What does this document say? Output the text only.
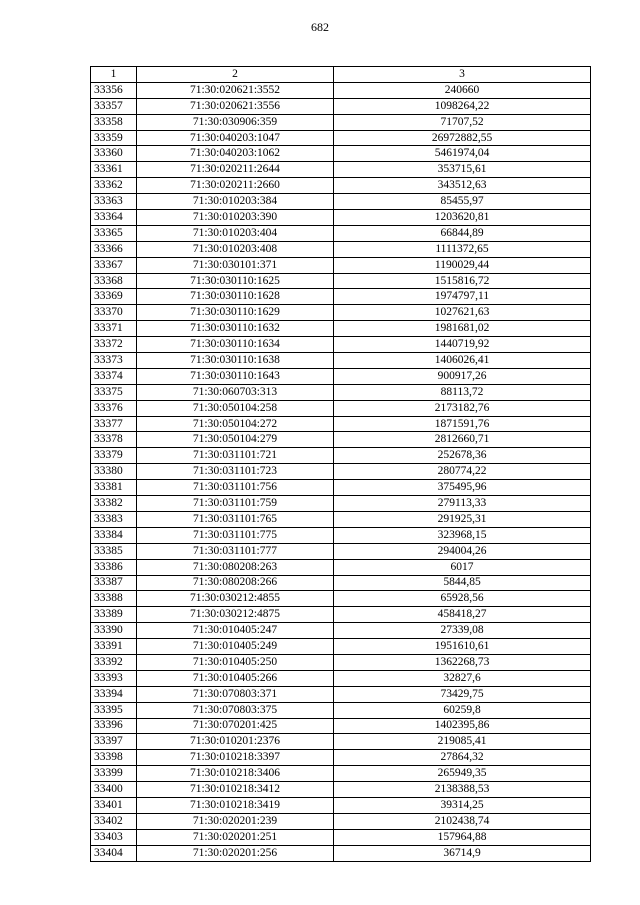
682
1	2	3
33356	71:30:020621:3552	240660
33357	71:30:020621:3556	1098264,22
33358	71:30:030906:359	71707,52
33359	71:30:040203:1047	26972882,55
33360	71:30:040203:1062	5461974,04
33361	71:30:020211:2644	353715,61
33362	71:30:020211:2660	343512,63
33363	71:30:010203:384	85455,97
33364	71:30:010203:390	1203620,81
33365	71:30:010203:404	66844,89
33366	71:30:010203:408	1111372,65
33367	71:30:030101:371	1190029,44
33368	71:30:030110:1625	1515816,72
33369	71:30:030110:1628	1974797,11
33370	71:30:030110:1629	1027621,63
33371	71:30:030110:1632	1981681,02
33372	71:30:030110:1634	1440719,92
33373	71:30:030110:1638	1406026,41
33374	71:30:030110:1643	900917,26
33375	71:30:060703:313	88113,72
33376	71:30:050104:258	2173182,76
33377	71:30:050104:272	1871591,76
33378	71:30:050104:279	2812660,71
33379	71:30:031101:721	252678,36
33380	71:30:031101:723	280774,22
33381	71:30:031101:756	375495,96
33382	71:30:031101:759	279113,33
33383	71:30:031101:765	291925,31
33384	71:30:031101:775	323968,15
33385	71:30:031101:777	294004,26
33386	71:30:080208:263	6017
33387	71:30:080208:266	5844,85
33388	71:30:030212:4855	65928,56
33389	71:30:030212:4875	458418,27
33390	71:30:010405:247	27339,08
33391	71:30:010405:249	1951610,61
33392	71:30:010405:250	1362268,73
33393	71:30:010405:266	32827,6
33394	71:30:070803:371	73429,75
33395	71:30:070803:375	60259,8
33396	71:30:070201:425	1402395,86
33397	71:30:010201:2376	219085,41
33398	71:30:010218:3397	27864,32
33399	71:30:010218:3406	265949,35
33400	71:30:010218:3412	2138388,53
33401	71:30:010218:3419	39314,25
33402	71:30:020201:239	2102438,74
33403	71:30:020201:251	157964,88
33404	71:30:020201:256	36714,9
